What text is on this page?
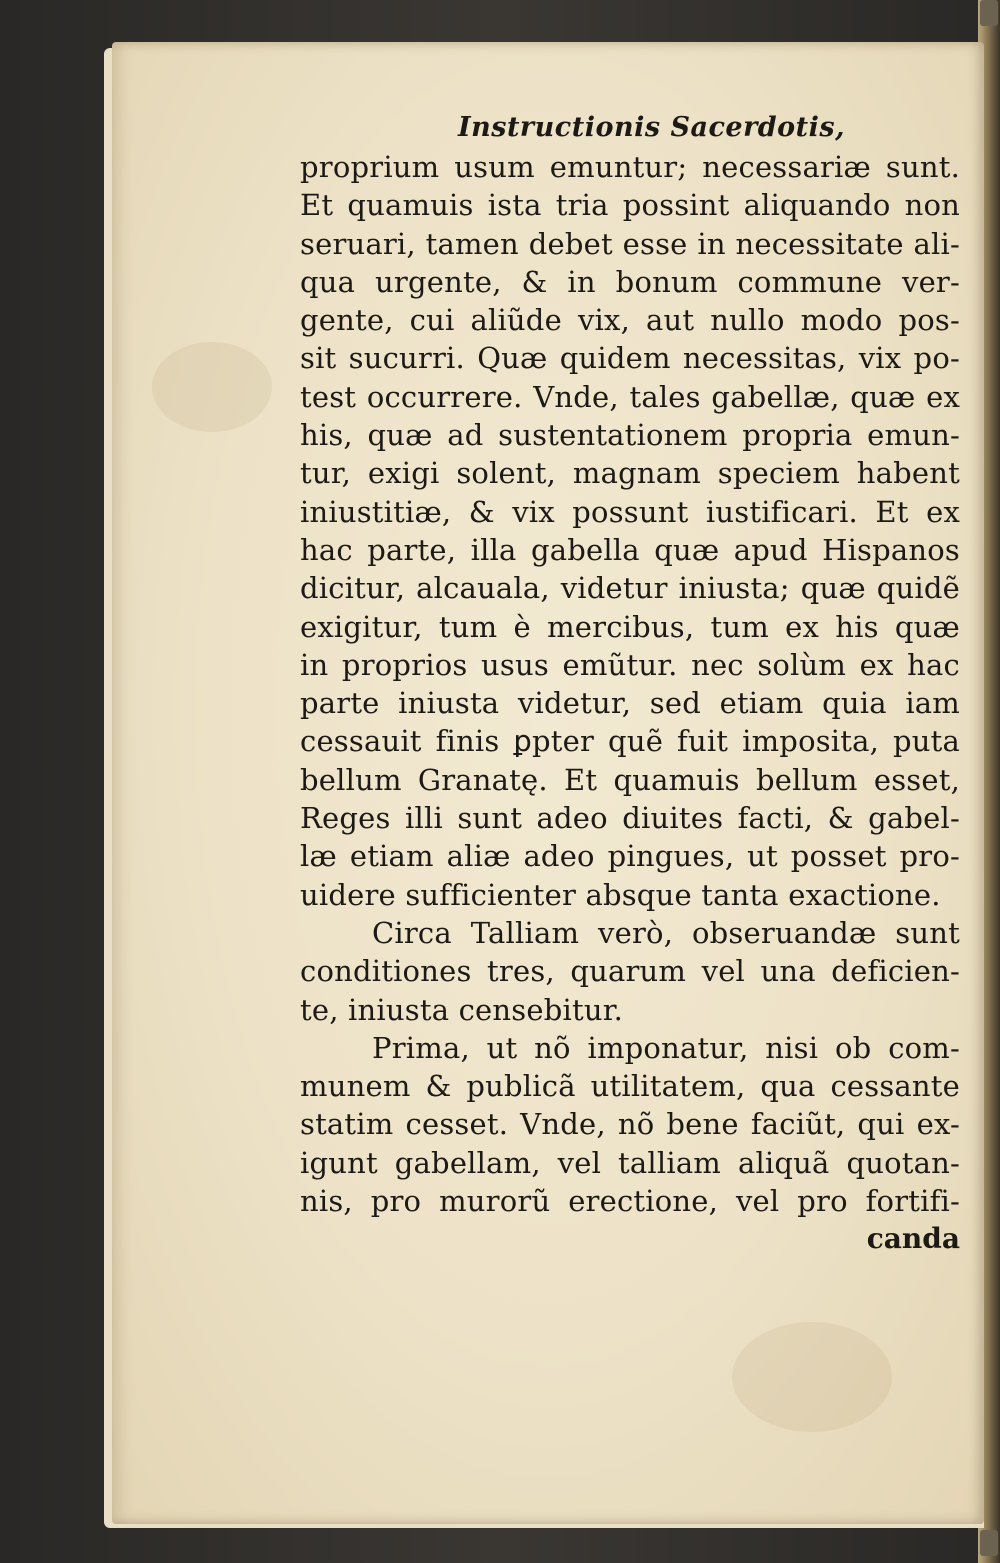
Instructionis Sacerdotis,
proprium usum emuntur; necessariæ sunt.
Et quamuis ista tria possint aliquando non
seruari, tamen debet esse in necessitate ali-
qua urgente, & in bonum commune ver-
gente, cui aliũde vix, aut nullo modo pos-
sit sucurri. Quæ quidem necessitas, vix po-
test occurrere. Vnde, tales gabellæ, quæ ex
his, quæ ad sustentationem propria emun-
tur, exigi solent, magnam speciem habent
iniustitiæ, & vix possunt iustificari. Et ex
hac parte, illa gabella quæ apud Hispanos
dicitur, alcauala, videtur iniusta; quæ quidẽ
exigitur, tum è mercibus, tum ex his quæ
in proprios usus emũtur. nec solùm ex hac
parte iniusta videtur, sed etiam quia iam
cessauit finis ꝑpter quẽ fuit imposita, puta
bellum Granatę. Et quamuis bellum esset,
Reges illi sunt adeo diuites facti, & gabel-
læ etiam aliæ adeo pingues, ut posset pro-
uidere sufficienter absque tanta exactione.
Circa Talliam verò, obseruandæ sunt
conditiones tres, quarum vel una deficien-
te, iniusta censebitur.
Prima, ut nõ imponatur, nisi ob com-
munem & publicã utilitatem, qua cessante
statim cesset. Vnde, nõ bene faciũt, qui ex-
igunt gabellam, vel talliam aliquã quotan-
nis, pro murorũ erectione, vel pro fortifi-
canda
